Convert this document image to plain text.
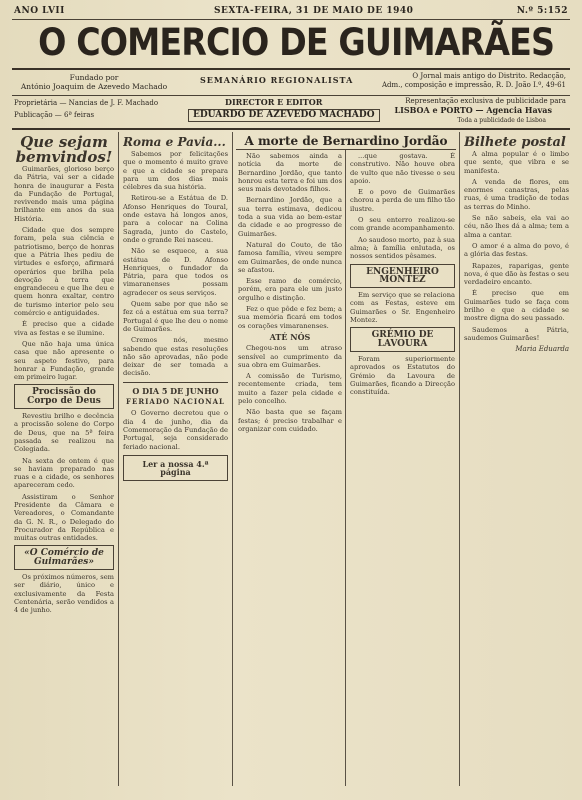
ANO LVII	SEXTA-FEIRA, 31 DE MAIO DE 1940	N.º 5:152
O COMERCIO DE GUIMARÃES
Fundado por
António Joaquim de Azevedo Machado
SEMANÁRIO REGIONALISTA	O Jornal mais antigo do Distrito. Redacção,
Adm., composição e impressão, R. D. João I.º, 49-61
Proprietária — Nancias de J. F. Machado
Publicação — 6ª feiras
DIRECTOR E EDITOR
EDUARDO DE AZEVEDO MACHADO
Representação exclusiva de publicidade para
LISBOA e PORTO — Agencia Havas
Toda a publicidade de Lisboa
Que sejam bemvindos!

Guimarães, glorioso berço da Pátria, vai ser a cidade honra de inaugurar a Festa da Fundação de Portugal, revivendo mais uma página brilhante em anos da sua História.

Cidade que dos sempre foram, pela sua ciência e patriotismo, berço de honras que a Pátria lhes pediu de virtudes e esforço, afirmará operários que brilha pela devoção à terra que engrandeceu e que lhe deu e quem honra exaltar, centro de turismo interior pelo seu comércio e antiguidades.

É preciso que a cidade viva as festas e se ilumine.

Que não haja uma única casa que não apresente o seu aspeto festivo, para honrar a Fundação, grande em primeiro lugar.

Procissão do Corpo de Deus

Revestiu brilho e decência a procissão solene do Corpo de Deus, que na 5ª feira passada se realizou na Colegiada.

Na sexta de ontem é que se haviam preparado nas ruas e a cidade, os senhores apareceram cedo.

Assistiram o Senhor Presidente da Câmara e Vereadores, o Comandante da G. N. R., o Delegado do Procurador da República e muitas outras entidades.

«O Comércio de Guimarães»

Os próximos números, sem ser diário, único e exclusivamente da Festa Centenária, serão vendidos a 4 de junho.

Roma e Pavia...

Sabemos por felicitações que o momento é muito grave e que a cidade se prepara para um dos dias mais célebres da sua história.

Retirou-se a Estátua de D. Afonso Henriques do Toural, onde estava há longos anos, para a colocar na Colina Sagrada, junto do Castelo, onde o grande Rei nasceu.

Não se esquece, a sua estátua de D. Afonso Henriques, o fundador da Pátria, para que todos os vimaranenses possam agradecer os seus serviços.

Quem sabe por que não se fez cá a estátua em sua terra? Portugal é que lhe deu o nome de Guimarães.

Cremos nós, mesmo sabendo que estas resoluções não são aprovadas, não pode deixar de ser tomada a decisão.

O DIA 5 DE JUNHO
FERIADO NACIONAL

O Governo decretou que o dia 4 de junho, dia da Comemoração da Fundação de Portugal, seja considerado feriado nacional.

Ler a nossa 4.ª página

Não sabemos ainda a notícia da morte de Bernardino Jordão, que tanto honrou esta terra e foi um dos seus mais devotados filhos.

Bernardino Jordão, que a sua terra estimava, dedicou toda a sua vida ao bem-estar da cidade e ao progresso de Guimarães.

Natural do Couto, de tão famosa família, viveu sempre em Guimarães, de onde nunca se afastou.

Esse ramo de comércio, porém, era para ele um justo orgulho e distinção.

Fez o que pôde e fez bem; a sua memória ficará em todos os corações vimaranenses.

ATÉ NÓS

Chegou-nos um atraso sensível ao cumprimento da sua obra em Guimarães.

A comissão de Turismo, recentemente criada, tem muito a fazer pela cidade e pelo concelho.

Não basta que se façam festas; é preciso trabalhar e organizar com cuidado.

A morte de Bernardino Jordão

...que gostava. É construtivo. Não houve obra de vulto que não tivesse o seu apoio.

E o povo de Guimarães chorou a perda de um filho tão ilustre.

O seu enterro realizou-se com grande acompanhamento.

Ao saudoso morto, paz à sua alma; à família enlutada, os nossos sentidos pêsames.

ENGENHEIRO MONTEZ

Em serviço que se relaciona com as Festas, esteve em Guimarães o Sr. Engenheiro Montez.

GRÉMIO DE LAVOURA

Foram superiormente aprovados os Estatutos do Grémio da Lavoura de Guimarães, ficando a Direcção constituída.

Bilhete postal

A alma popular é o limbo que sente, que vibra e se manifesta.

A venda de flores, em enormes canastras, pelas ruas, é uma tradição de todas as terras do Minho.

Se não sabeis, ela vai ao céu, não lhes dá a alma; tem a alma a cantar.

O amor é a alma do povo, é a glória das festas.

Rapazes, raparigas, gente nova, é que dão às festas o seu verdadeiro encanto.

É preciso que em Guimarães tudo se faça com brilho e que a cidade se mostre digna do seu passado.

Saudemos a Pátria, saudemos Guimarães!

Maria Eduarda
